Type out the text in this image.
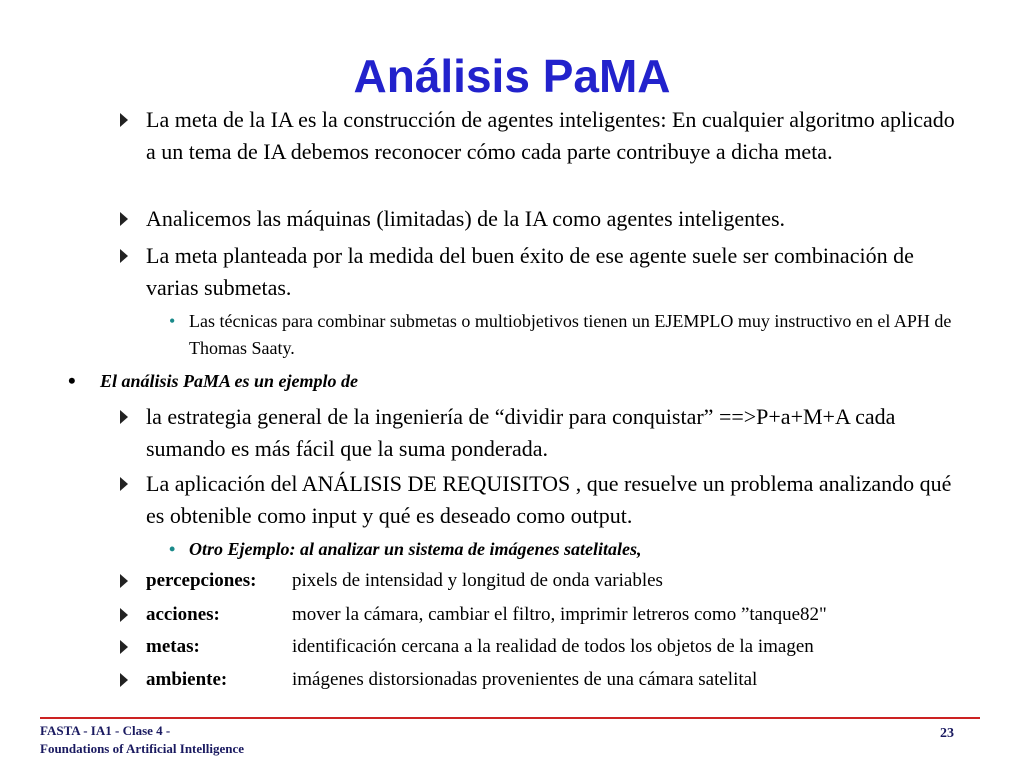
Análisis PaMA
La meta de la IA es la construcción de agentes inteligentes: En cualquier algoritmo aplicado a un tema de IA debemos reconocer cómo cada parte contribuye a dicha meta.
Analicemos las máquinas (limitadas) de la IA como agentes inteligentes.
La meta planteada por la medida del buen éxito de ese agente suele ser combinación de varias submetas.
• Las técnicas para combinar submetas o multiobjetivos tienen un EJEMPLO muy instructivo en el APH de Thomas Saaty.
• El análisis PaMA es un ejemplo de
la estrategia general de la ingeniería de “dividir para conquistar” ==>P+a+M+A cada sumando es más fácil que la suma ponderada.
La aplicación del ANÁLISIS DE REQUISITOS , que resuelve un problema analizando qué es obtenible como input y qué es deseado como output.
• Otro Ejemplo: al analizar un sistema de imágenes satelitales,
percepciones: pixels de intensidad y longitud de onda variables
acciones:	mover la cámara, cambiar el filtro, imprimir letreros como ”tanque82"
metas:	identificación cercana a la realidad de todos los objetos de la imagen
ambiente:	imágenes distorsionadas provenientes de una cámara satelital
FASTA - IA1 - Clase 4 -
Foundations of Artificial Intelligence
23
